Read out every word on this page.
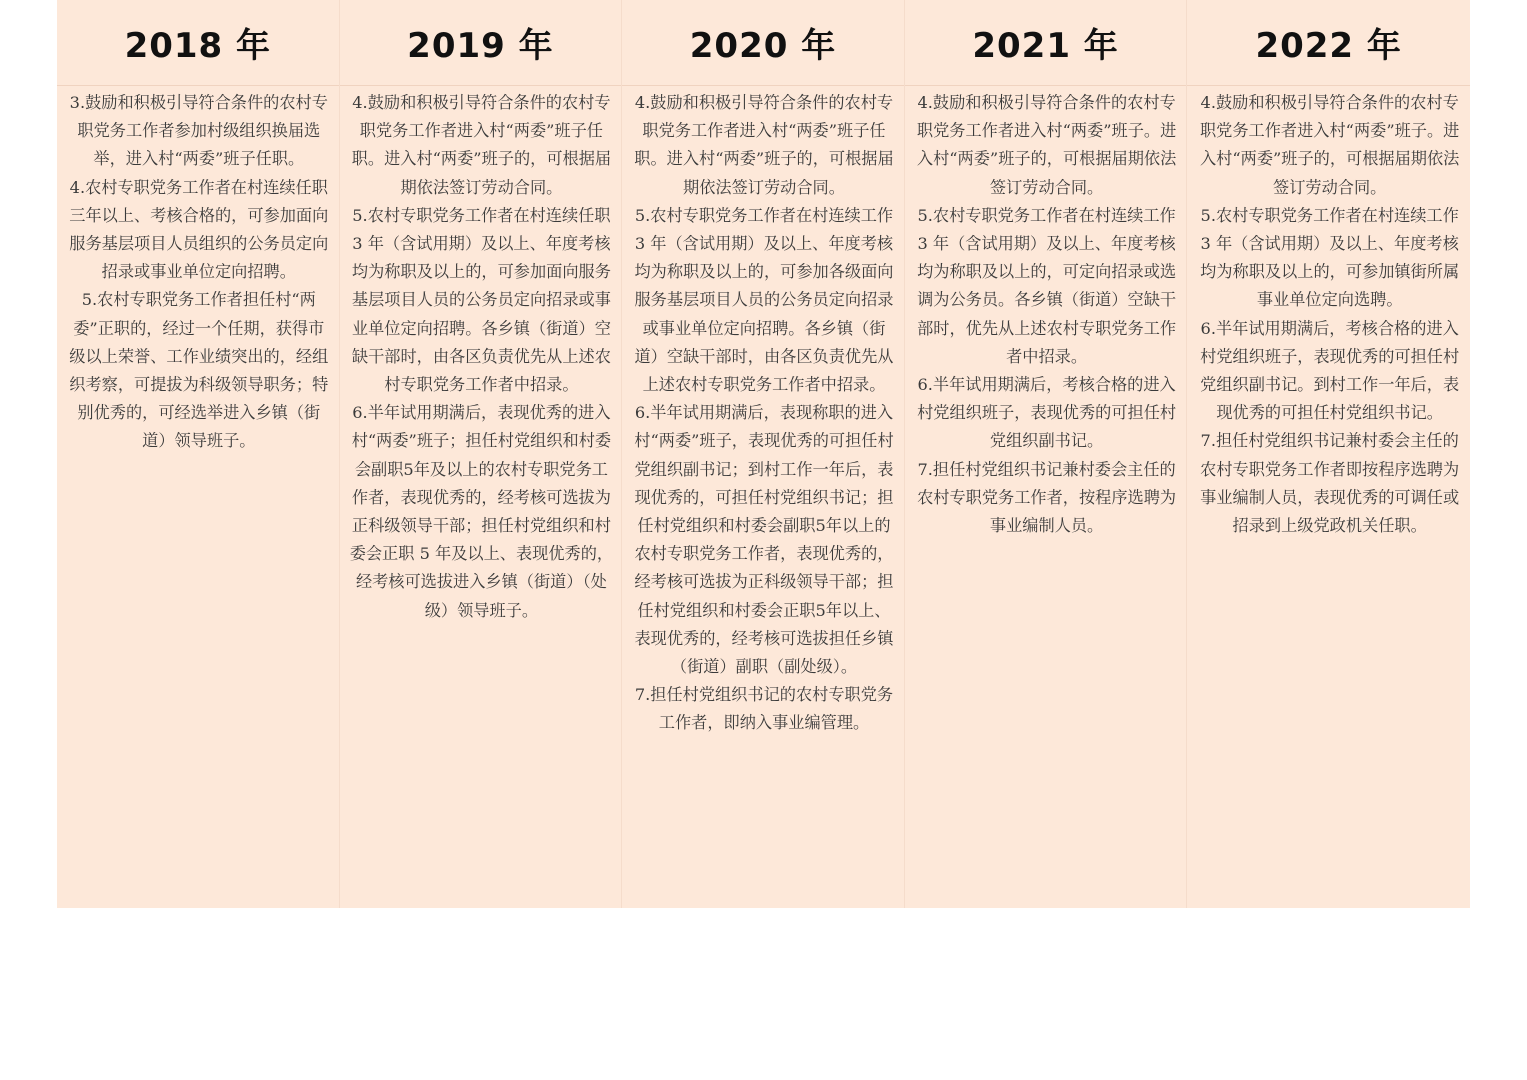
2018 年

3.鼓励和积极引导符合条件的农村专职党务工作者参加村级组织换届选举，进入村“两委”班子任职。

4.农村专职党务工作者在村连续任职三年以上、考核合格的，可参加面向服务基层项目人员组织的公务员定向招录或事业单位定向招聘。

5.农村专职党务工作者担任村“两委”正职的，经过一个任期，获得市级以上荣誉、工作业绩突出的，经组织考察，可提拔为科级领导职务；特别优秀的，可经选举进入乡镇（街道）领导班子。

2019 年

4.鼓励和积极引导符合条件的农村专职党务工作者进入村“两委”班子任职。进入村“两委”班子的，可根据届期依法签订劳动合同。

5.农村专职党务工作者在村连续任职 3 年（含试用期）及以上、年度考核均为称职及以上的，可参加面向服务基层项目人员的公务员定向招录或事业单位定向招聘。各乡镇（街道）空缺干部时，由各区负责优先从上述农村专职党务工作者中招录。

6.半年试用期满后，表现优秀的进入村“两委”班子；担任村党组织和村委会副职5年及以上的农村专职党务工作者，表现优秀的，经考核可选拔为正科级领导干部；担任村党组织和村委会正职 5 年及以上、表现优秀的，经考核可选拔进入乡镇（街道）（处级）领导班子。

2020 年

4.鼓励和积极引导符合条件的农村专职党务工作者进入村“两委”班子任职。进入村“两委”班子的，可根据届期依法签订劳动合同。

5.农村专职党务工作者在村连续工作 3 年（含试用期）及以上、年度考核均为称职及以上的，可参加各级面向服务基层项目人员的公务员定向招录或事业单位定向招聘。各乡镇（街道）空缺干部时，由各区负责优先从上述农村专职党务工作者中招录。

6.半年试用期满后，表现称职的进入村“两委”班子，表现优秀的可担任村党组织副书记；到村工作一年后，表现优秀的，可担任村党组织书记；担任村党组织和村委会副职5年以上的农村专职党务工作者，表现优秀的，经考核可选拔为正科级领导干部；担任村党组织和村委会正职5年以上、表现优秀的，经考核可选拔担任乡镇（街道）副职（副处级）。

7.担任村党组织书记的农村专职党务工作者，即纳入事业编管理。

2021 年

4.鼓励和积极引导符合条件的农村专职党务工作者进入村“两委”班子。进入村“两委”班子的，可根据届期依法签订劳动合同。

5.农村专职党务工作者在村连续工作 3 年（含试用期）及以上、年度考核均为称职及以上的，可定向招录或选调为公务员。各乡镇（街道）空缺干部时，优先从上述农村专职党务工作者中招录。

6.半年试用期满后，考核合格的进入村党组织班子，表现优秀的可担任村党组织副书记。

7.担任村党组织书记兼村委会主任的农村专职党务工作者，按程序选聘为事业编制人员。

2022 年

4.鼓励和积极引导符合条件的农村专职党务工作者进入村“两委”班子。进入村“两委”班子的，可根据届期依法签订劳动合同。

5.农村专职党务工作者在村连续工作 3 年（含试用期）及以上、年度考核均为称职及以上的，可参加镇街所属事业单位定向选聘。

6.半年试用期满后，考核合格的进入村党组织班子，表现优秀的可担任村党组织副书记。到村工作一年后，表现优秀的可担任村党组织书记。

7.担任村党组织书记兼村委会主任的农村专职党务工作者即按程序选聘为事业编制人员，表现优秀的可调任或招录到上级党政机关任职。
